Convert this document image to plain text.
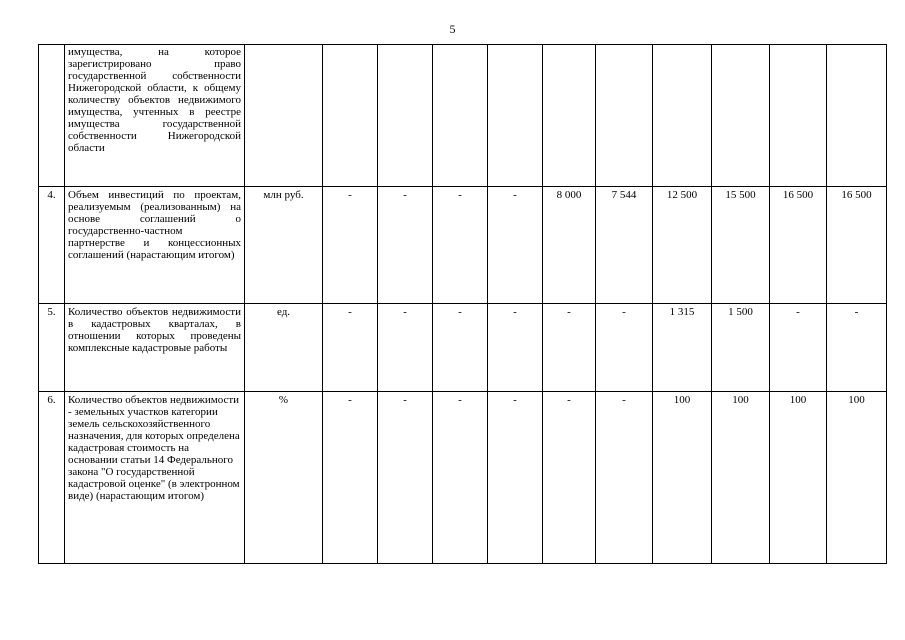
5
	имущества, на которое зарегистрировано право государственной собственности Нижегородской области, к общему количеству объектов недвижимого имущества, учтенных в реестре имущества государственной собственности Нижегородской области											
4.	Объем инвестиций по проектам, реализуемым (реализованным) на основе соглашений о государственно-частном партнерстве и концессионных соглашений (нарастающим итогом)	млн руб.	-	-	-	-	8 000	7 544	12 500	15 500	16 500	16 500
5.	Количество объектов недвижимости в кадастровых кварталах, в отношении которых проведены комплексные кадастровые работы	ед.	-	-	-	-	-	-	1 315	1 500	-	-
6.	Количество объектов недвижимости - земельных участков категории земель сельскохозяйственного назначения, для которых определена кадастровая стоимость на основании статьи 14 Федерального закона "О государственной кадастровой оценке" (в электронном виде) (нарастающим итогом)	%	-	-	-	-	-	-	100	100	100	100
